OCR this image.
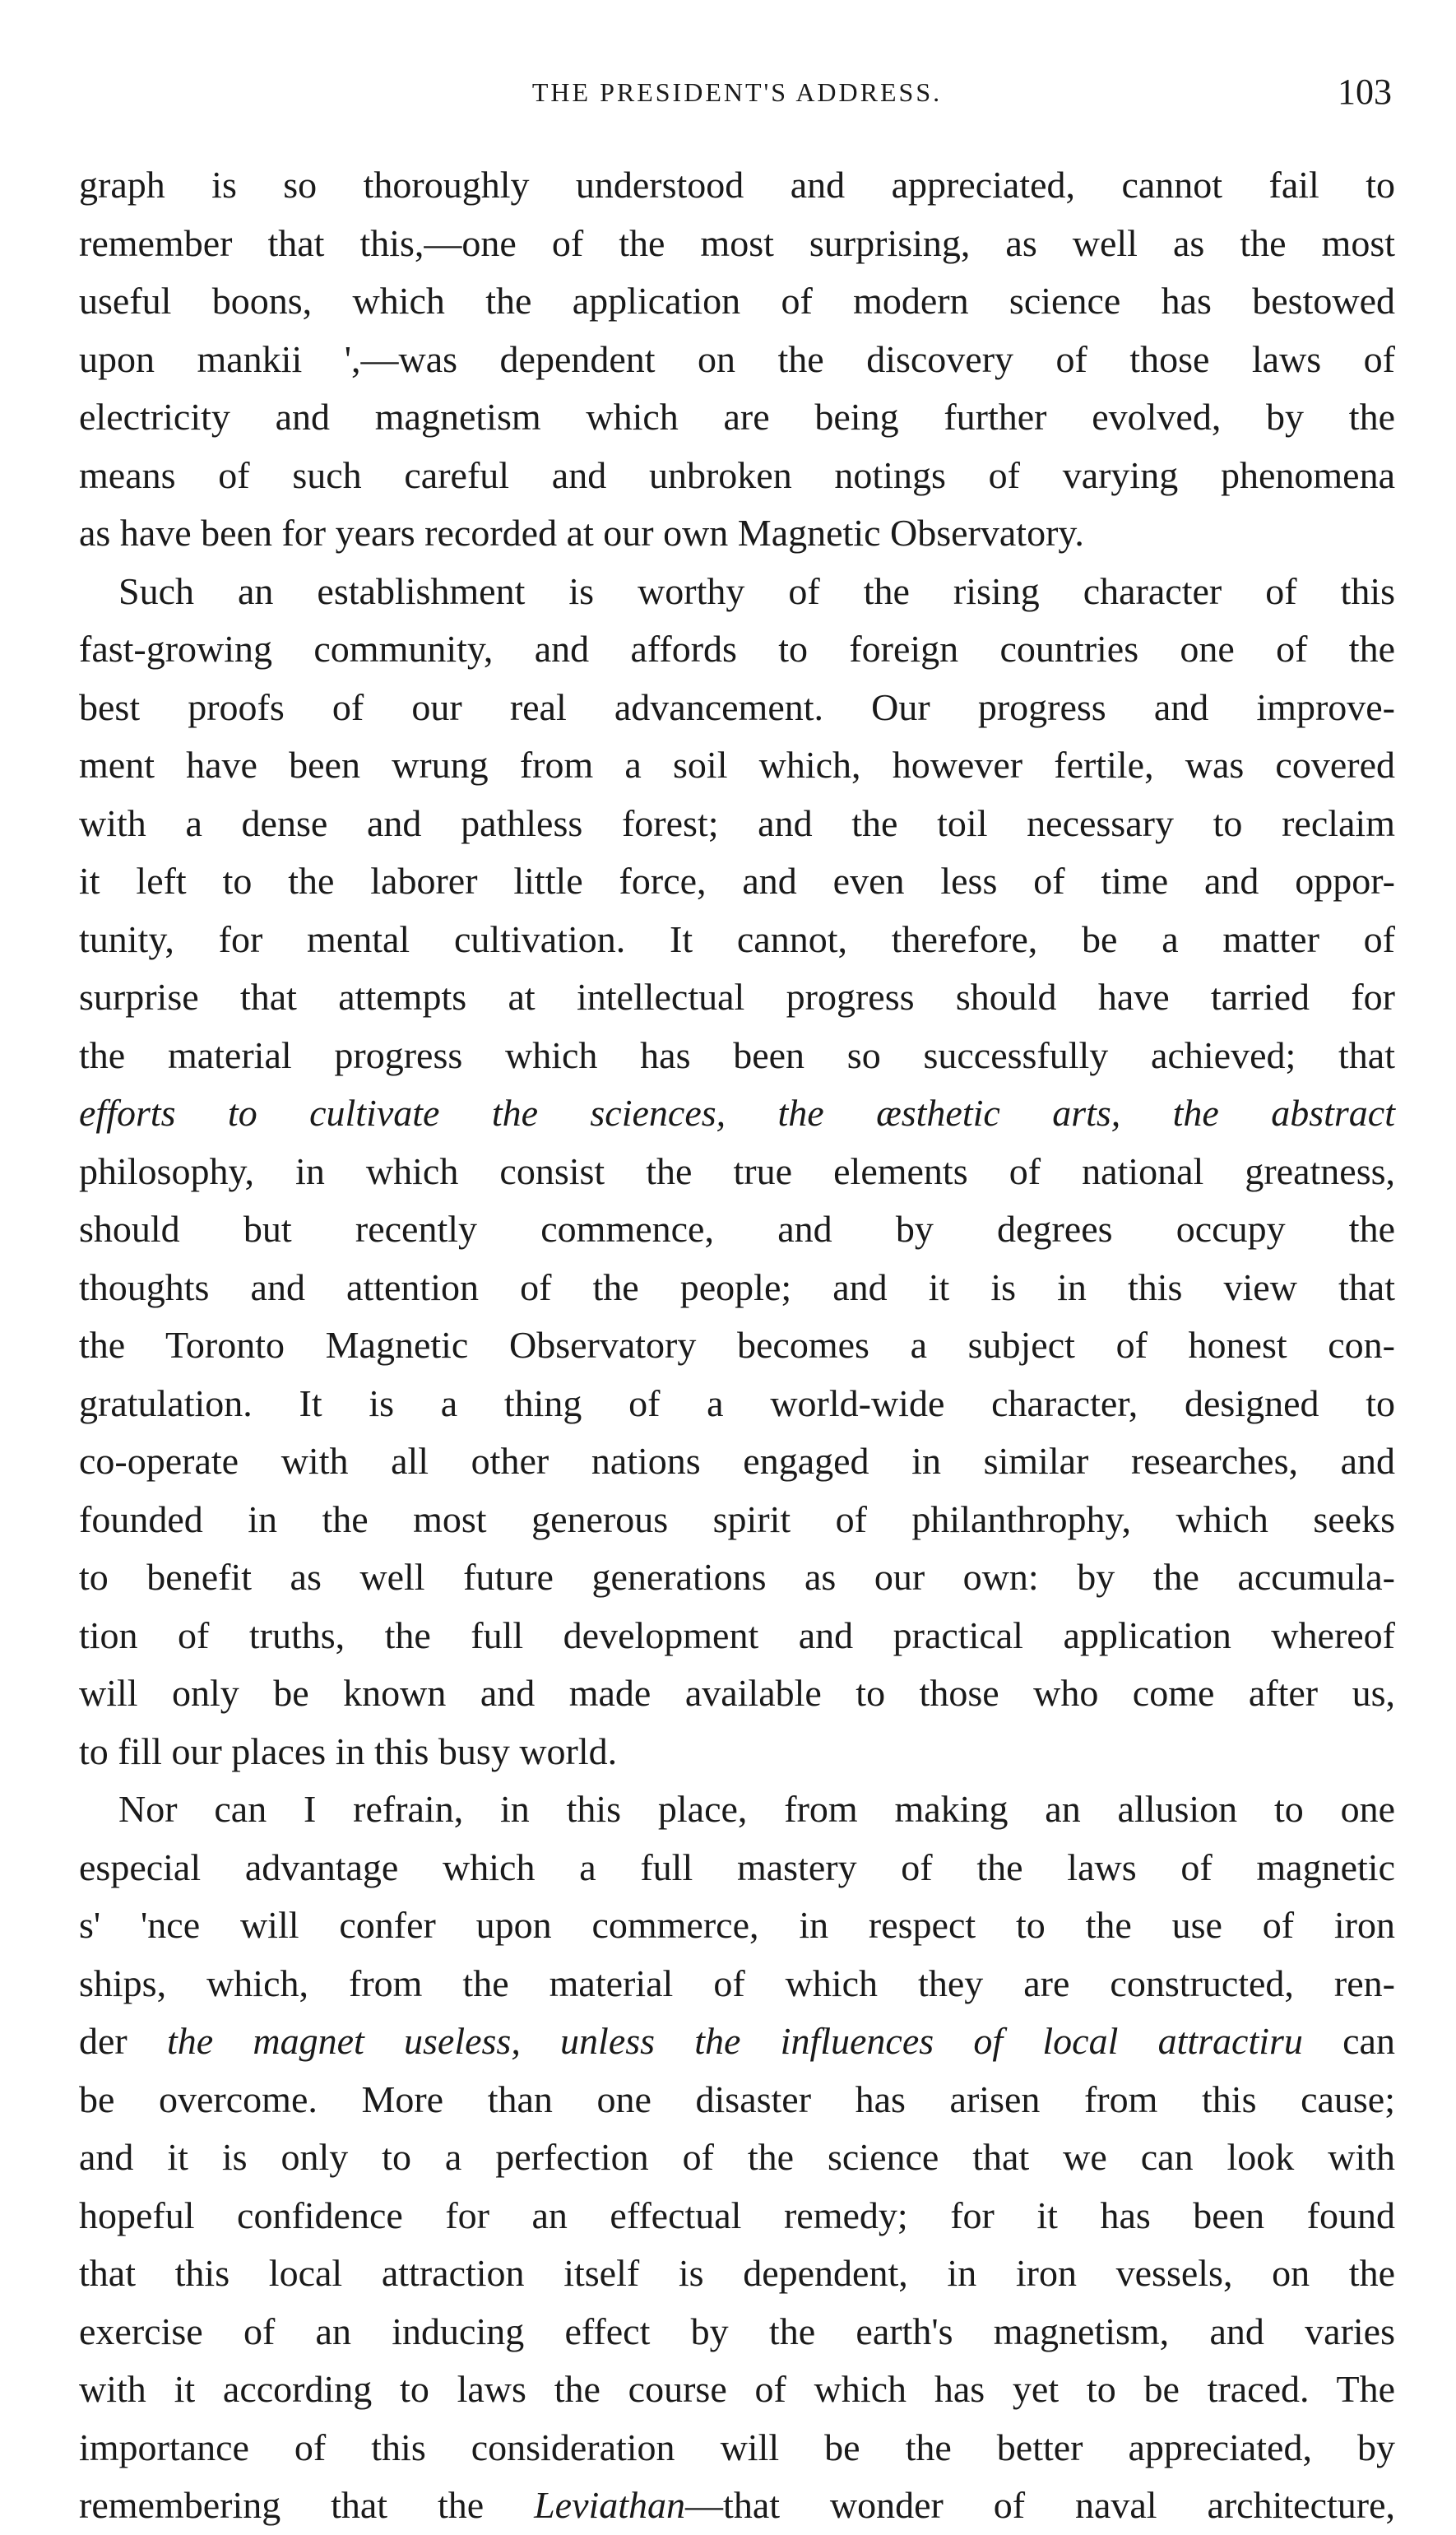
THE PRESIDENT'S ADDRESS.	103
graph is so thoroughly understood and appreciated, cannot fail to
remember that this,—one of the most surprising, as well as the most
useful boons, which the application of modern science has bestowed
upon mankii ',—was dependent on the discovery of those laws of
electricity and magnetism which are being further evolved, by the
means of such careful and unbroken notings of varying phenomena
as have been for years recorded at our own Magnetic Observatory.
Such an establishment is worthy of the rising character of this
fast-growing community, and affords to foreign countries one of the
best proofs of our real advancement. Our progress and improve-
ment have been wrung from a soil which, however fertile, was covered
with a dense and pathless forest; and the toil necessary to reclaim
it left to the laborer little force, and even less of time and oppor-
tunity, for mental cultivation. It cannot, therefore, be a matter of
surprise that attempts at intellectual progress should have tarried for
the material progress which has been so successfully achieved; that
efforts to cultivate the sciences, the æsthetic arts, the abstract
philosophy, in which consist the true elements of national greatness,
should but recently commence, and by degrees occupy the
thoughts and attention of the people; and it is in this view that
the Toronto Magnetic Observatory becomes a subject of honest con-
gratulation. It is a thing of a world-wide character, designed to
co-operate with all other nations engaged in similar researches, and
founded in the most generous spirit of philanthrophy, which seeks
to benefit as well future generations as our own: by the accumula-
tion of truths, the full development and practical application whereof
will only be known and made available to those who come after us,
to fill our places in this busy world.
Nor can I refrain, in this place, from making an allusion to one
especial advantage which a full mastery of the laws of magnetic
s' 'nce will confer upon commerce, in respect to the use of iron
ships, which, from the material of which they are constructed, ren-
der the magnet useless, unless the influences of local attractiru can
be overcome. More than one disaster has arisen from this cause;
and it is only to a perfection of the science that we can look with
hopeful confidence for an effectual remedy; for it has been found
that this local attraction itself is dependent, in iron vessels, on the
exercise of an inducing effect by the earth's magnetism, and varies
with it according to laws the course of which has yet to be traced. The
importance of this consideration will be the better appreciated, by
remembering that the Leviathan—that wonder of naval architecture,
